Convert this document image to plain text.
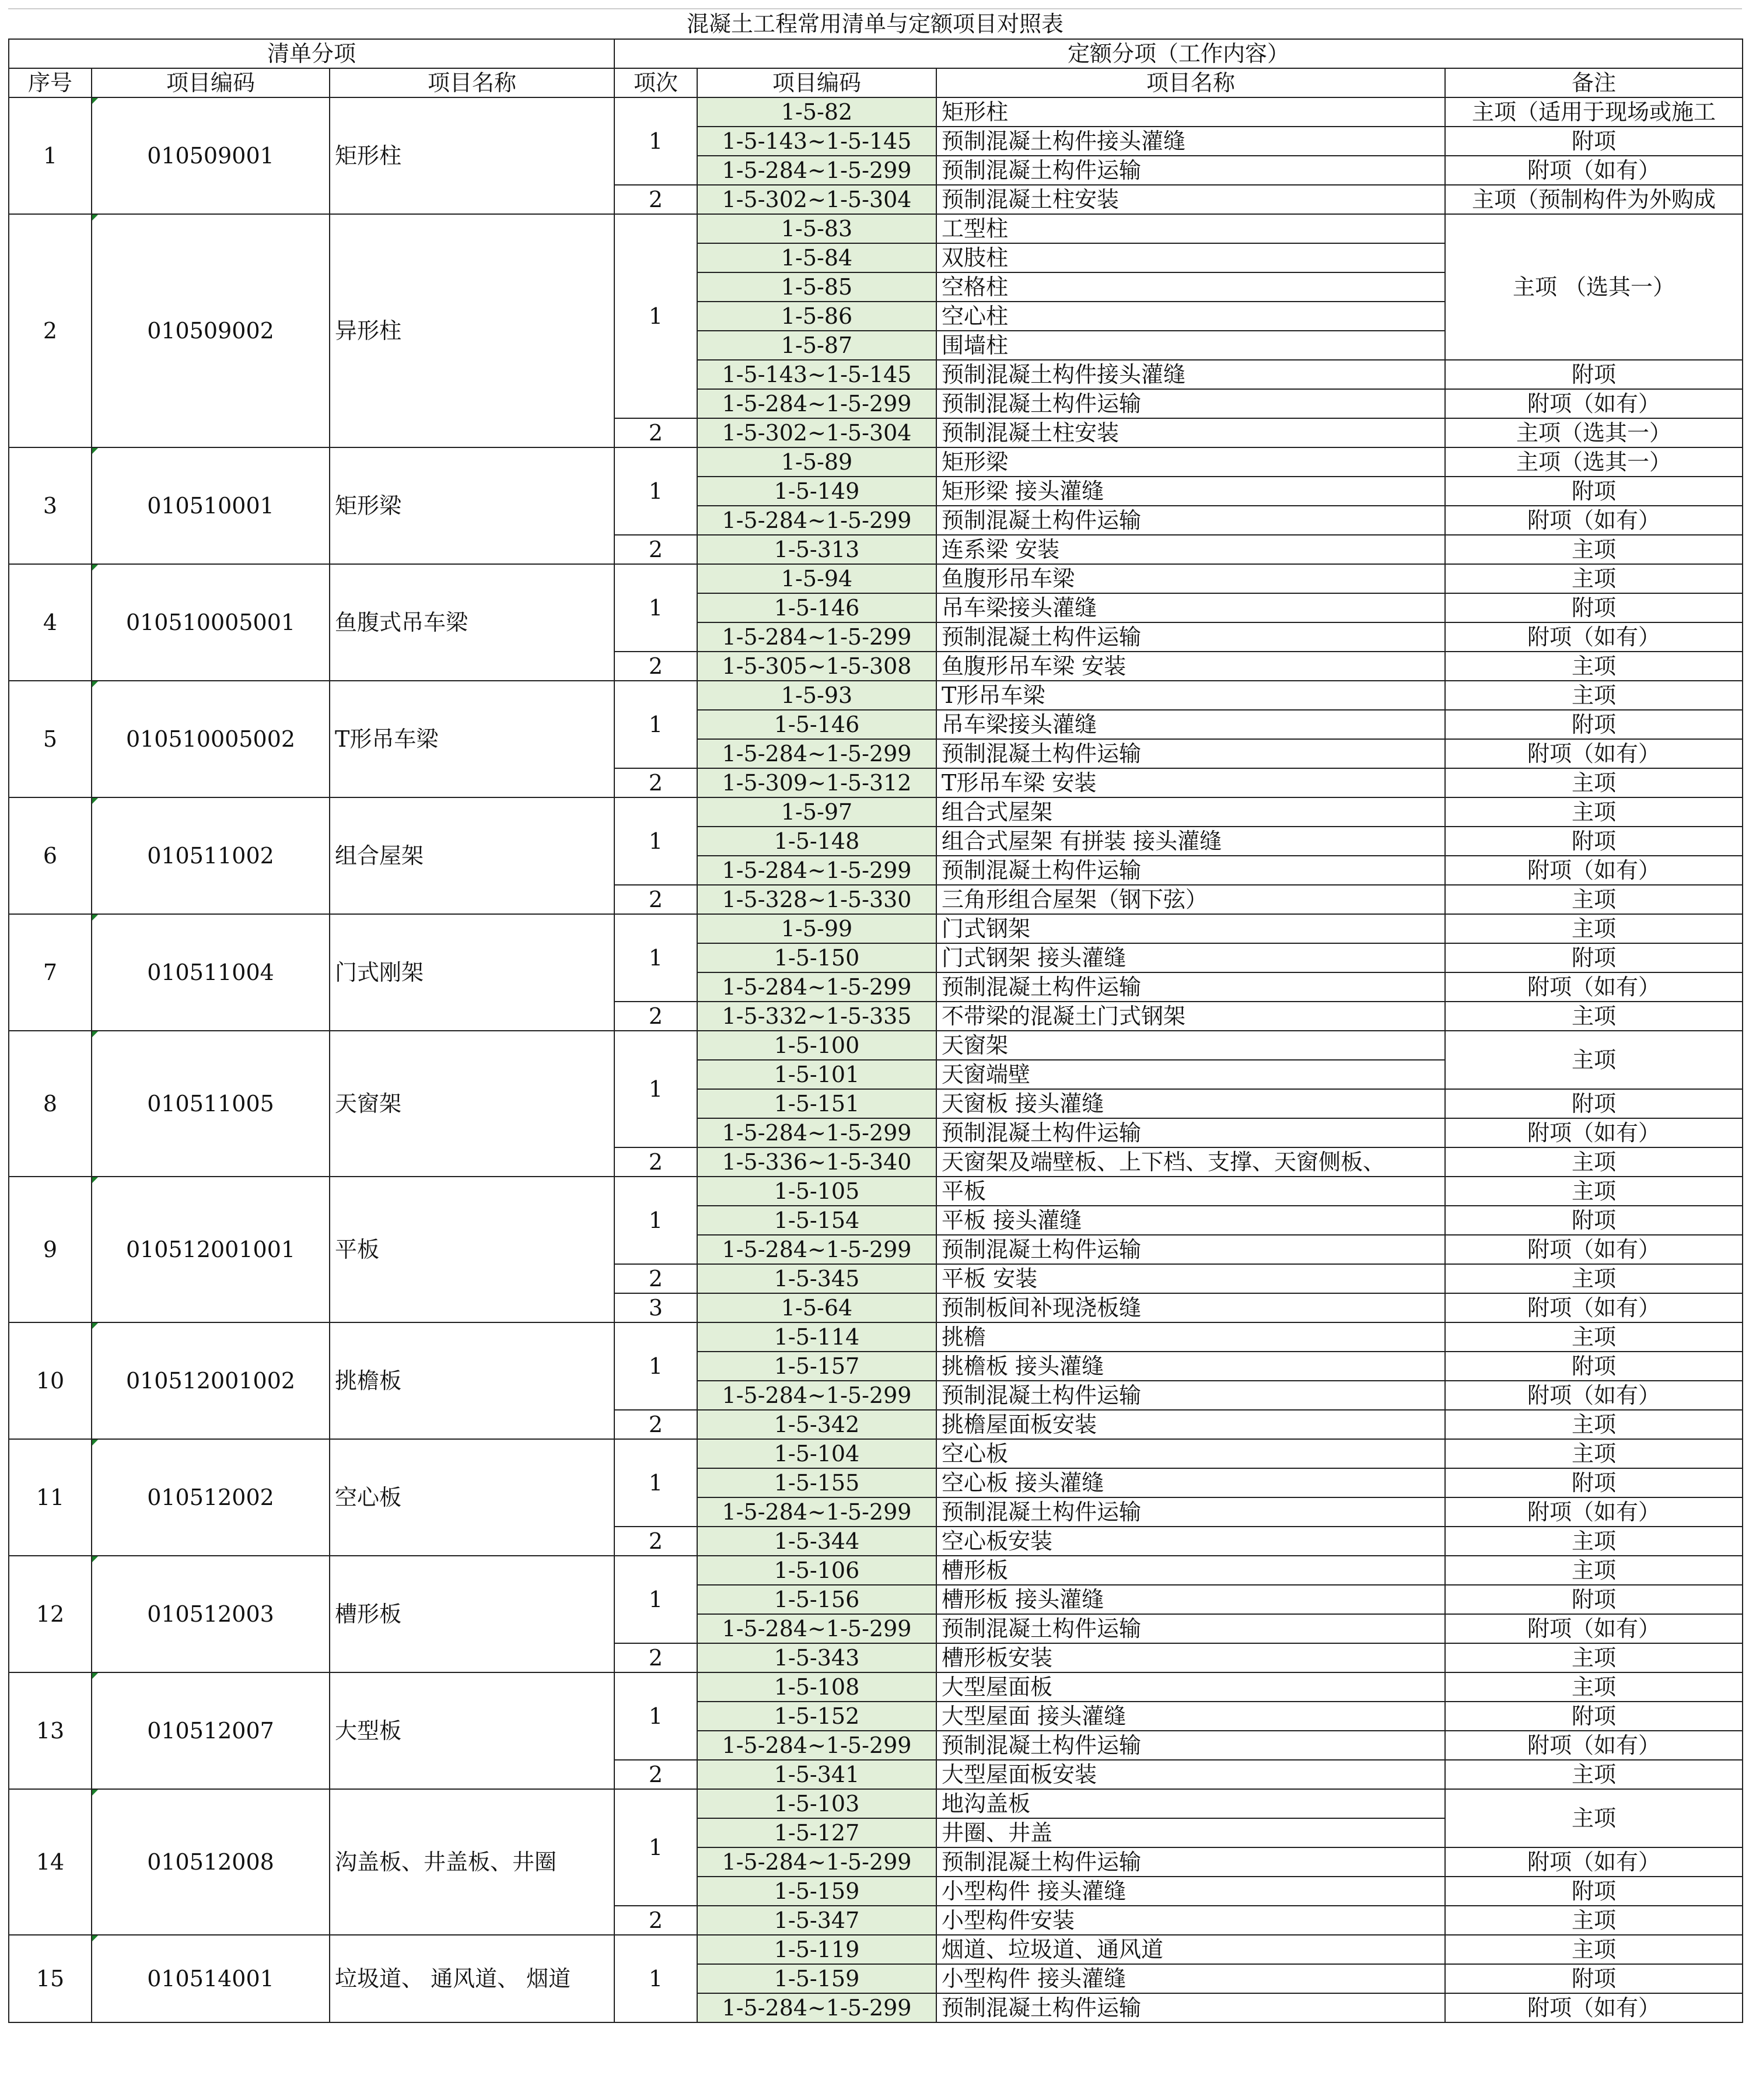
混凝土工程常用清单与定额项目对照表
清单分项			定额分项（工作内容）			
序号	项目编码	项目名称	项次	项目编码	项目名称	备注
1	010509001	矩形柱	1	1-5-82	矩形柱	主项（适用于现场或施工
				1-5-143~1-5-145	预制混凝土构件接头灌缝	附项
				1-5-284~1-5-299	预制混凝土构件运输	附项（如有）
			2	1-5-302~1-5-304	预制混凝土柱安装	主项（预制构件为外购成
2	010509002	异形柱	1	1-5-83	工型柱	主项 （选其一）
				1-5-84	双肢柱	
				1-5-85	空格柱	
				1-5-86	空心柱	
				1-5-87	围墙柱	
				1-5-143~1-5-145	预制混凝土构件接头灌缝	附项
				1-5-284~1-5-299	预制混凝土构件运输	附项（如有）
			2	1-5-302~1-5-304	预制混凝土柱安装	主项（选其一）
3	010510001	矩形梁	1	1-5-89	矩形梁	主项（选其一）
				1-5-149	矩形梁 接头灌缝	附项
				1-5-284~1-5-299	预制混凝土构件运输	附项（如有）
			2	1-5-313	连系梁 安装	主项
4	010510005001	鱼腹式吊车梁	1	1-5-94	鱼腹形吊车梁	主项
				1-5-146	吊车梁接头灌缝	附项
				1-5-284~1-5-299	预制混凝土构件运输	附项（如有）
			2	1-5-305~1-5-308	鱼腹形吊车梁 安装	主项
5	010510005002	T形吊车梁	1	1-5-93	T形吊车梁	主项
				1-5-146	吊车梁接头灌缝	附项
				1-5-284~1-5-299	预制混凝土构件运输	附项（如有）
			2	1-5-309~1-5-312	T形吊车梁 安装	主项
6	010511002	组合屋架	1	1-5-97	组合式屋架	主项
				1-5-148	组合式屋架 有拼装 接头灌缝	附项
				1-5-284~1-5-299	预制混凝土构件运输	附项（如有）
			2	1-5-328~1-5-330	三角形组合屋架（钢下弦）	主项
7	010511004	门式刚架	1	1-5-99	门式钢架	主项
				1-5-150	门式钢架 接头灌缝	附项
				1-5-284~1-5-299	预制混凝土构件运输	附项（如有）
			2	1-5-332~1-5-335	不带梁的混凝土门式钢架	主项
8	010511005	天窗架	1	1-5-100	天窗架	主项
				1-5-101	天窗端壁	
				1-5-151	天窗板 接头灌缝	附项
				1-5-284~1-5-299	预制混凝土构件运输	附项（如有）
			2	1-5-336~1-5-340	天窗架及端壁板、上下档、支撑、天窗侧板、	主项
9	010512001001	平板	1	1-5-105	平板	主项
				1-5-154	平板 接头灌缝	附项
				1-5-284~1-5-299	预制混凝土构件运输	附项（如有）
			2	1-5-345	平板 安装	主项
			3	1-5-64	预制板间补现浇板缝	附项（如有）
10	010512001002	挑檐板	1	1-5-114	挑檐	主项
				1-5-157	挑檐板 接头灌缝	附项
				1-5-284~1-5-299	预制混凝土构件运输	附项（如有）
			2	1-5-342	挑檐屋面板安装	主项
11	010512002	空心板	1	1-5-104	空心板	主项
				1-5-155	空心板 接头灌缝	附项
				1-5-284~1-5-299	预制混凝土构件运输	附项（如有）
			2	1-5-344	空心板安装	主项
12	010512003	槽形板	1	1-5-106	槽形板	主项
				1-5-156	槽形板 接头灌缝	附项
				1-5-284~1-5-299	预制混凝土构件运输	附项（如有）
			2	1-5-343	槽形板安装	主项
13	010512007	大型板	1	1-5-108	大型屋面板	主项
				1-5-152	大型屋面 接头灌缝	附项
				1-5-284~1-5-299	预制混凝土构件运输	附项（如有）
			2	1-5-341	大型屋面板安装	主项
14	010512008	沟盖板、井盖板、井圈	1	1-5-103	地沟盖板	主项
				1-5-127	井圈、井盖	
				1-5-284~1-5-299	预制混凝土构件运输	附项（如有）
				1-5-159	小型构件 接头灌缝	附项
			2	1-5-347	小型构件安装	主项
15	010514001	垃圾道、 通风道、 烟道	1	1-5-119	烟道、垃圾道、通风道	主项
				1-5-159	小型构件 接头灌缝	附项
				1-5-284~1-5-299	预制混凝土构件运输	附项（如有）
